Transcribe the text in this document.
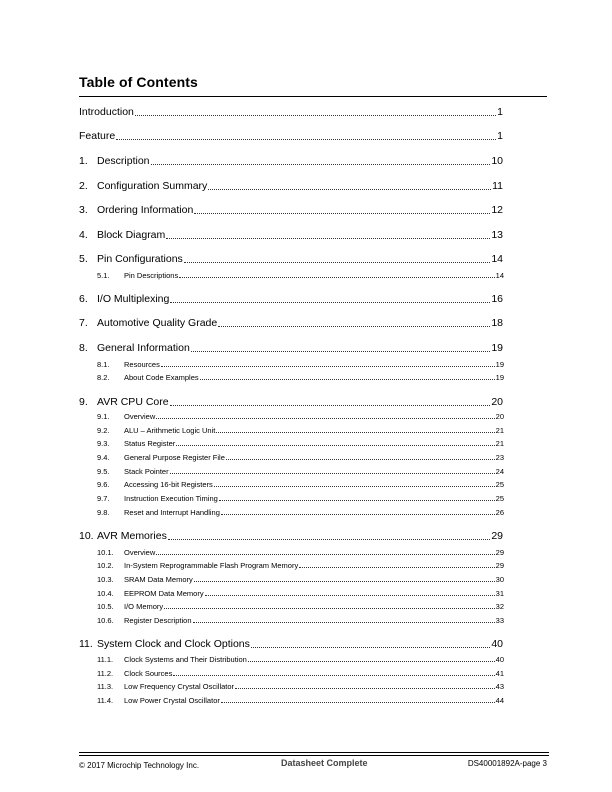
Table of Contents
Introduction	1
Feature	1
1. Description	10
2. Configuration Summary	11
3. Ordering Information	12
4. Block Diagram	13
5. Pin Configurations	14
5.1.	Pin Descriptions	14
6. I/O Multiplexing	16
7. Automotive Quality Grade	18
8. General Information	19
8.1.	Resources	19
8.2.	About Code Examples	19
9. AVR CPU Core	20
9.1.	Overview	20
9.2.	ALU – Arithmetic Logic Unit	21
9.3.	Status Register	21
9.4.	General Purpose Register File	23
9.5.	Stack Pointer	24
9.6.	Accessing 16-bit Registers	25
9.7.	Instruction Execution Timing	25
9.8.	Reset and Interrupt Handling	26
10. AVR Memories	29
10.1.	Overview	29
10.2.	In-System Reprogrammable Flash Program Memory	29
10.3.	SRAM Data Memory	30
10.4.	EEPROM Data Memory	31
10.5.	I/O Memory	32
10.6.	Register Description	33
11. System Clock and Clock Options	40
11.1.	Clock Systems and Their Distribution	40
11.2.	Clock Sources	41
11.3.	Low Frequency Crystal Oscillator	43
11.4.	Low Power Crystal Oscillator	44
© 2017 Microchip Technology Inc.	Datasheet Complete	DS40001892A-page 3
